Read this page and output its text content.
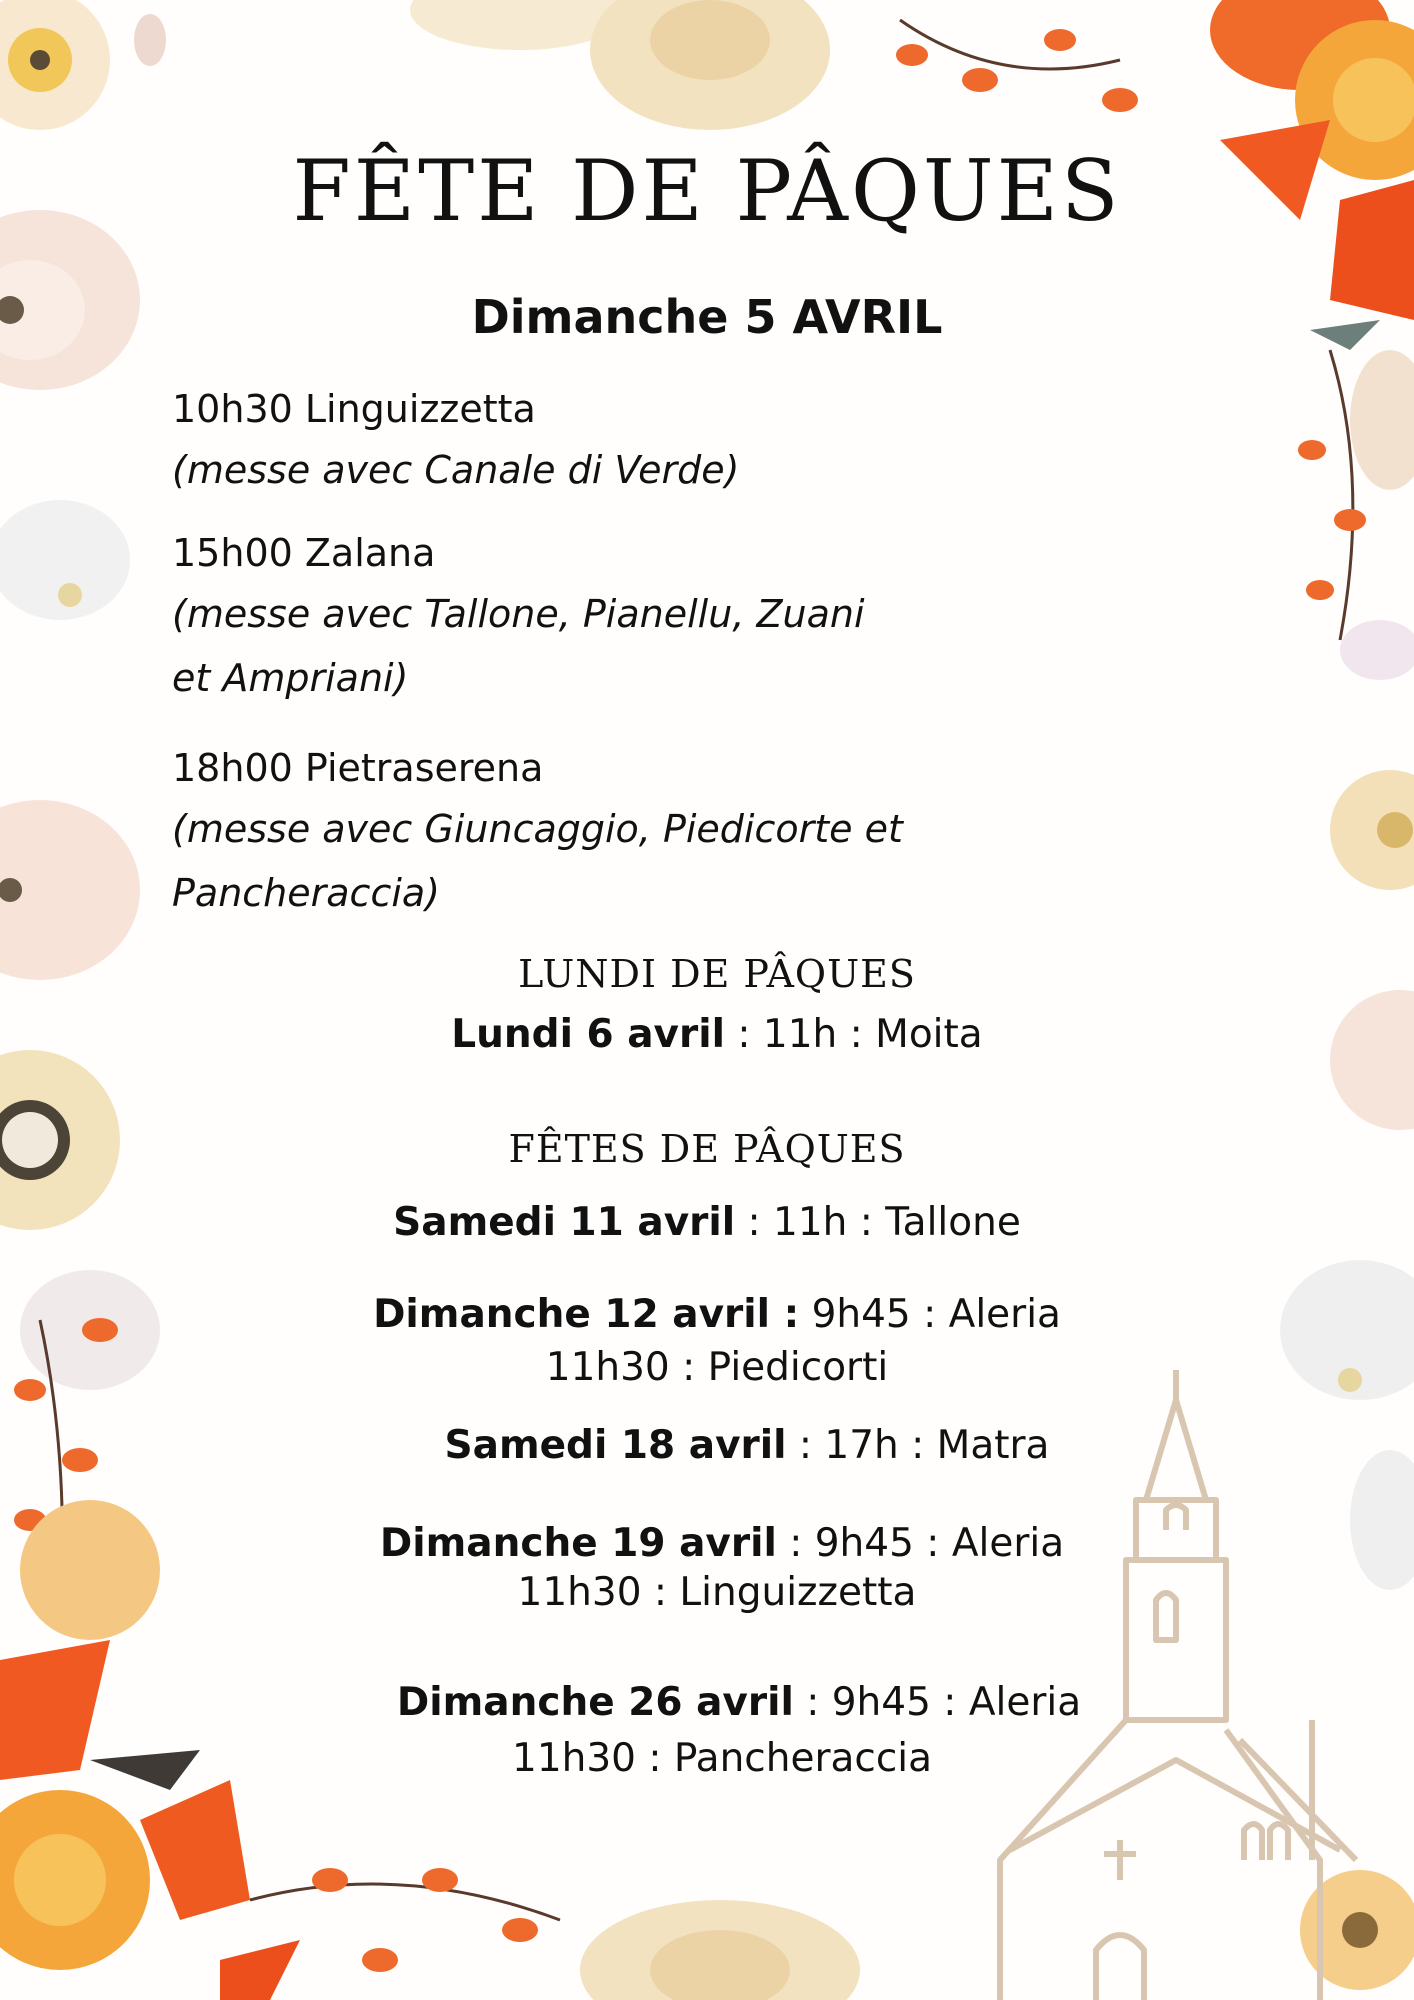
FÊTE DE PÂQUES
Dimanche 5 AVRIL
10h30 Linguizzetta
(messe avec Canale di Verde)
15h00 Zalana
(messe avec Tallone, Pianellu, Zuani
et Ampriani)
18h00 Pietraserena
(messe avec Giuncaggio, Piedicorte et
Pancheraccia)
LUNDI DE PÂQUES
Lundi 6 avril : 11h : Moita
FÊTES DE PÂQUES
Samedi 11 avril : 11h : Tallone
Dimanche 12 avril : 9h45 : Aleria
11h30 : Piedicorti
Samedi 18 avril : 17h : Matra
Dimanche 19 avril : 9h45 : Aleria
11h30 : Linguizzetta
Dimanche 26 avril : 9h45 : Aleria
11h30 : Pancheraccia
